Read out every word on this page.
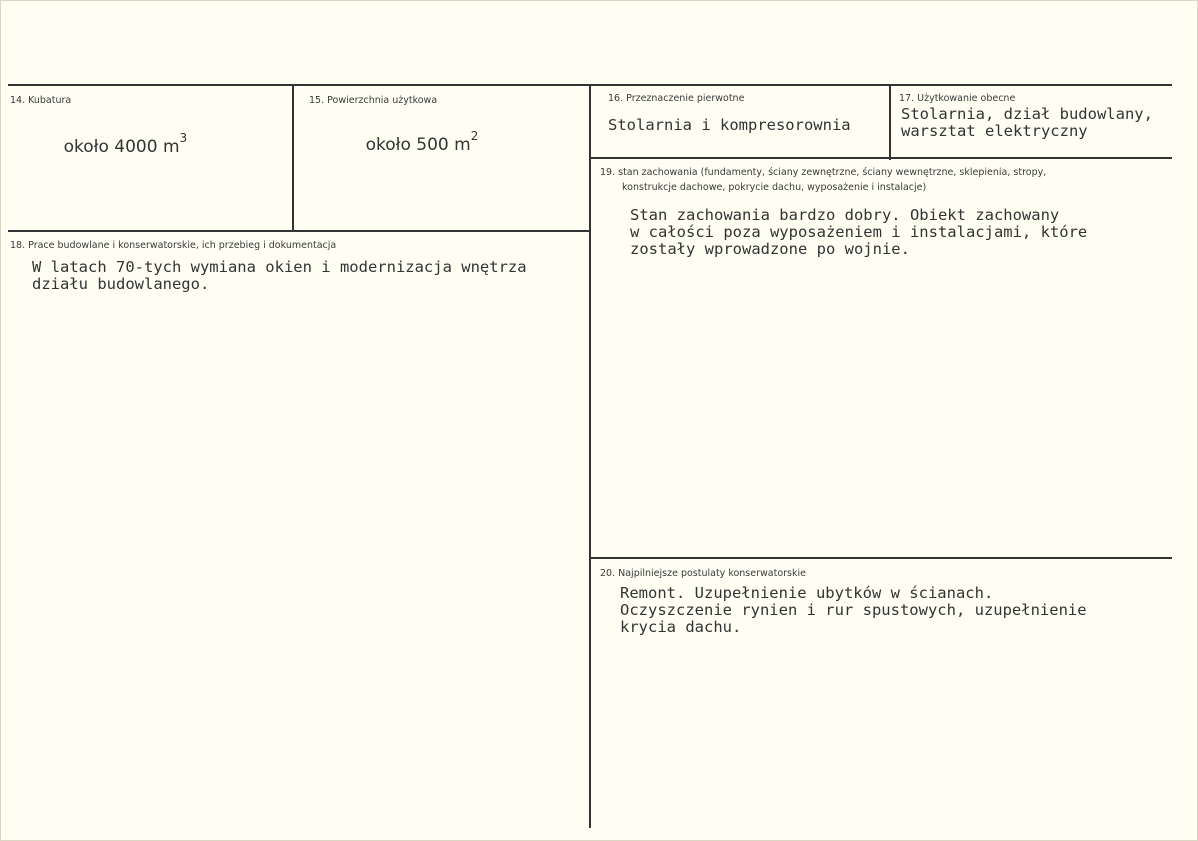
14. Kubatura

około 4000 $m^3$

15. Powierzchnia użytkowa

około 500 $m^2$

16. Przeznaczenie pierwotne
Stolarnia i kompresorownia
17. Użytkowanie obecne
Stolarnia, dział budowlany,
warsztat elektryczny
18. Prace budowlane i konserwatorskie, ich przebieg i dokumentacja
W latach 70-tych wymiana okien i modernizacja wnętrza
działu budowlanego.
19. stan zachowania (fundamenty, ściany zewnętrzne, ściany wewnętrzne, sklepienia, stropy,
konstrukcje dachowe, pokrycie dachu, wyposażenie i instalacje)
Stan zachowania bardzo dobry. Obiekt zachowany
w całości poza wyposażeniem i instalacjami, które
zostały wprowadzone po wojnie.
20. Najpilniejsze postulaty konserwatorskie
Remont. Uzupełnienie ubytków w ścianach.
Oczyszczenie rynien i rur spustowych, uzupełnienie
krycia dachu.
